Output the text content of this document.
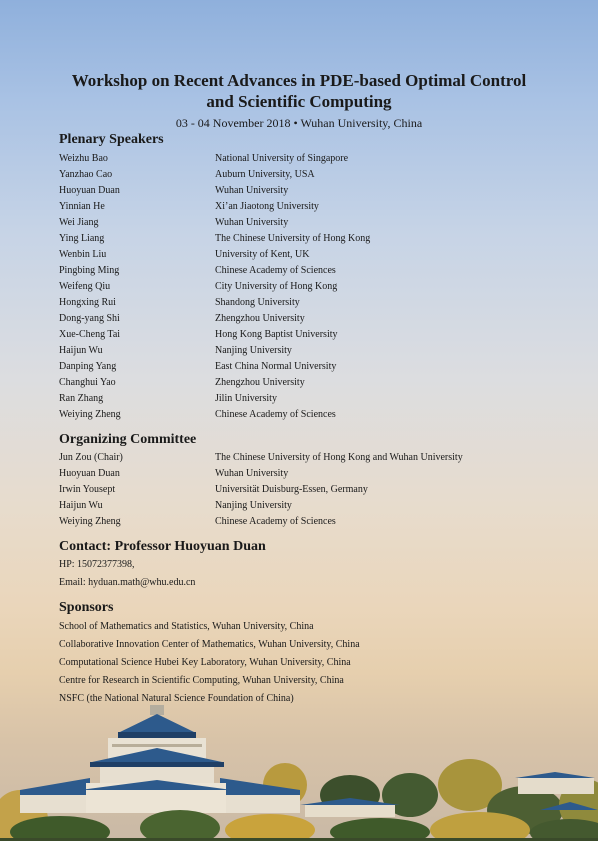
Workshop on Recent Advances in PDE-based Optimal Control
and Scientific Computing
03 - 04 November 2018 • Wuhan University, China
Plenary Speakers
Weizhu Bao	National University of Singapore
Yanzhao Cao	Auburn University, USA
Huoyuan Duan	Wuhan University
Yinnian He	Xi’an Jiaotong University
Wei Jiang	Wuhan University
Ying Liang	The Chinese University of Hong Kong
Wenbin Liu	University of Kent, UK
Pingbing Ming	Chinese Academy of Sciences
Weifeng Qiu	City University of Hong Kong
Hongxing Rui	Shandong University
Dong-yang Shi	Zhengzhou University
Xue-Cheng Tai	Hong Kong Baptist University
Haijun Wu	Nanjing University
Danping Yang	East China Normal University
Changhui Yao	Zhengzhou University
Ran Zhang	Jilin University
Weiying Zheng	Chinese Academy of Sciences
Organizing Committee
Jun Zou (Chair)	The Chinese University of Hong Kong and Wuhan University
Huoyuan Duan	Wuhan University
Irwin Yousept	Universität Duisburg-Essen, Germany
Haijun Wu	Nanjing University
Weiying Zheng	Chinese Academy of Sciences
Contact: Professor Huoyuan Duan
HP: 15072377398,
Email: hyduan.math@whu.edu.cn
Sponsors
School of Mathematics and Statistics, Wuhan University, China
Collaborative Innovation Center of Mathematics, Wuhan University, China
Computational Science Hubei Key Laboratory, Wuhan University, China
Centre for Research in Scientific Computing, Wuhan University, China
NSFC (the National Natural Science Foundation of China)
